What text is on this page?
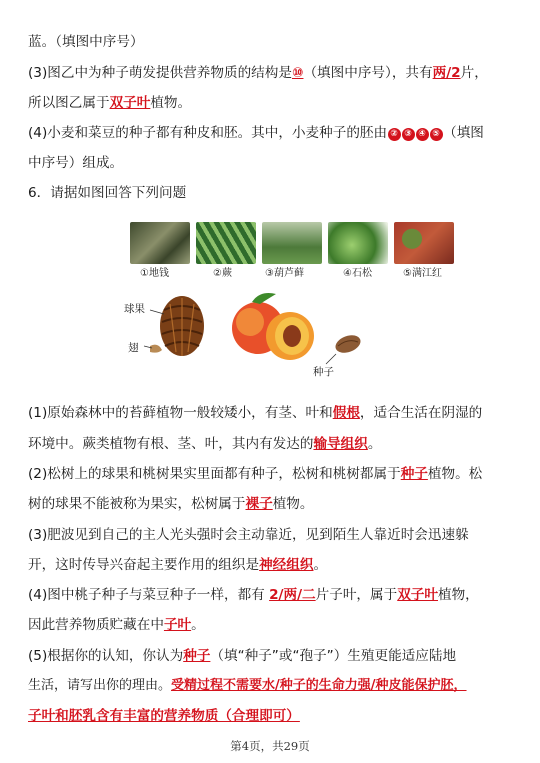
蓝。（填图中序号）
(3)图乙中为种子萌发提供营养物质的结构是⑩（填图中序号），共有两/2片，
所以图乙属于双子叶植物。
(4)小麦和菜豆的种子都有种皮和胚。其中，小麦种子的胚由 ② ③ ④ ⑤ （填图
中序号）组成。
6．请据如图回答下列问题
①地钱	②蕨	③葫芦藓	④石松	⑤满江红
球果
翅
种子
(1)原始森林中的苔藓植物一般较矮小，有茎、叶和假根，适合生活在阴湿的
环境中。蕨类植物有根、茎、叶，其内有发达的输导组织。
(2)松树上的球果和桃树果实里面都有种子，松树和桃树都属于种子植物。松
树的球果不能被称为果实，松树属于裸子植物。
(3)肥波见到自己的主人光头强时会主动靠近，见到陌生人靠近时会迅速躲
开，这时传导兴奋起主要作用的组织是神经组织。
(4)图中桃子种子与菜豆种子一样，都有 2/两/二片子叶，属于双子叶植物，
因此营养物质贮藏在中子叶。
(5)根据你的认知，你认为种子（填“种子”或“孢子”）生殖更能适应陆地
生活，请写出你的理由。受精过程不需要水/种子的生命力强/种皮能保护胚，
子叶和胚乳含有丰富的营养物质（合理即可）
第4页，共29页
